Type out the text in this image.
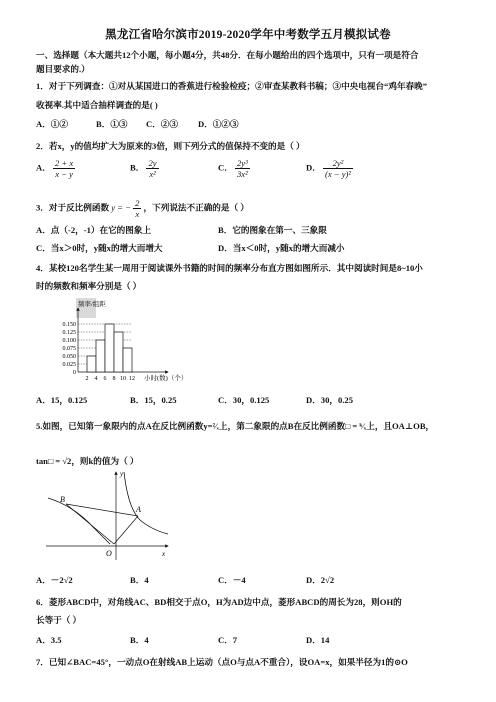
黑龙江省哈尔滨市2019-2020学年中考数学五月模拟试卷
一、选择题（本大题共12个小题，每小题4分，共48分．在每小题给出的四个选项中，只有一项是符合
题目要求的.）
1．对于下列调查：①对从某国进口的香蕉进行检验检疫；②审查某教科书稿；③中央电视台“鸡年春晚”
收视率.其中适合抽样调查的是( )
A．①②	B．①③ C．②③ D．①②③
2．若x，y的值均扩大为原来的3倍，则下列分式的值保持不变的是（ ）
A． $\frac{2 + x}{x - y}$	B． $\frac{2y}{\text{x²}}$	C． $\frac{\text{2y³}}{\text{3x²}}$	D． $\frac{\text{2y²}}{\text{(x − y)²}}$
3．对于反比例函数 y = − $\frac{2}{x}$ ，下列说法不正确的是（ ）
A．点（-2，-1）在它的图象上	B．它的图象在第一、三象限
C．当x＞0时，y随x的增大而增大	D．当x＜0时，y随x的增大而减小
4．某校120名学生某一周用于阅读课外书籍的时间的频率分布直方图如图所示．其中阅读时间是8~10小
时的频数和频率分别是（ ）
频率/组距
0
0.025
0.050
0.075
0.100
0.125
0.150
2 4 6 8 10 12 小时(数)（个）
A．15，0.125	B．15，0.25	C．30，0.125	D．30，0.25
5.如图，已知第一象限内的点A在反比例函数y=²⁄ₓ上，第二象限的点B在反比例函数□ = ᵏ⁄ₓ上，且OA⊥OB，
tan□ = √2，则k的值为（ ）
B
A
O	x
y
A．－2√2	B．4	C．－4	D．2√2
6．菱形ABCD中，对角线AC、BD相交于点O，H为AD边中点，菱形ABCD的周长为28，则OH的
长等于（ ）
A．3.5	B．4	C．7	D．14
7．已知∠BAC=45°，一动点O在射线AB上运动（点O与点A不重合），设OA=x，如果半径为1的⊙O
